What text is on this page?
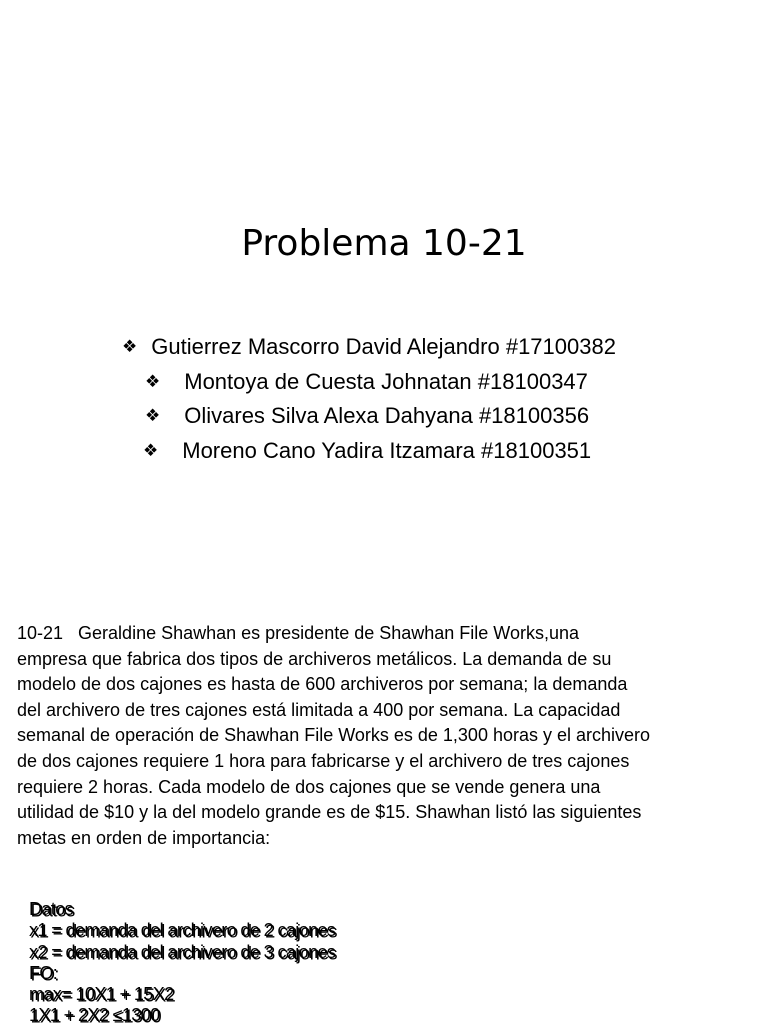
Problema 10-21
❖ Gutierrez Mascorro David Alejandro #17100382
❖ Montoya de Cuesta Johnatan #18100347
❖ Olivares Silva Alexa Dahyana #18100356
❖ Moreno Cano Yadira Itzamara #18100351

10-21   Geraldine Shawhan es presidente de Shawhan File Works,una
empresa que fabrica dos tipos de archiveros metálicos. La demanda de su
modelo de dos cajones es hasta de 600 archiveros por semana; la demanda
del archivero de tres cajones está limitada a 400 por semana. La capacidad
semanal de operación de Shawhan File Works es de 1,300 horas y el archivero
de dos cajones requiere 1 hora para fabricarse y el archivero de tres cajones
requiere 2 horas. Cada modelo de dos cajones que se vende genera una
utilidad de $10 y la del modelo grande es de $15. Shawhan listó las siguientes
metas en orden de importancia:

Datos
x1 = demanda del archivero de 2 cajones
x2 = demanda del archivero de 3 cajones
FO:
max= 10X1 + 15X2
1X1 + 2X2 ≤1300
